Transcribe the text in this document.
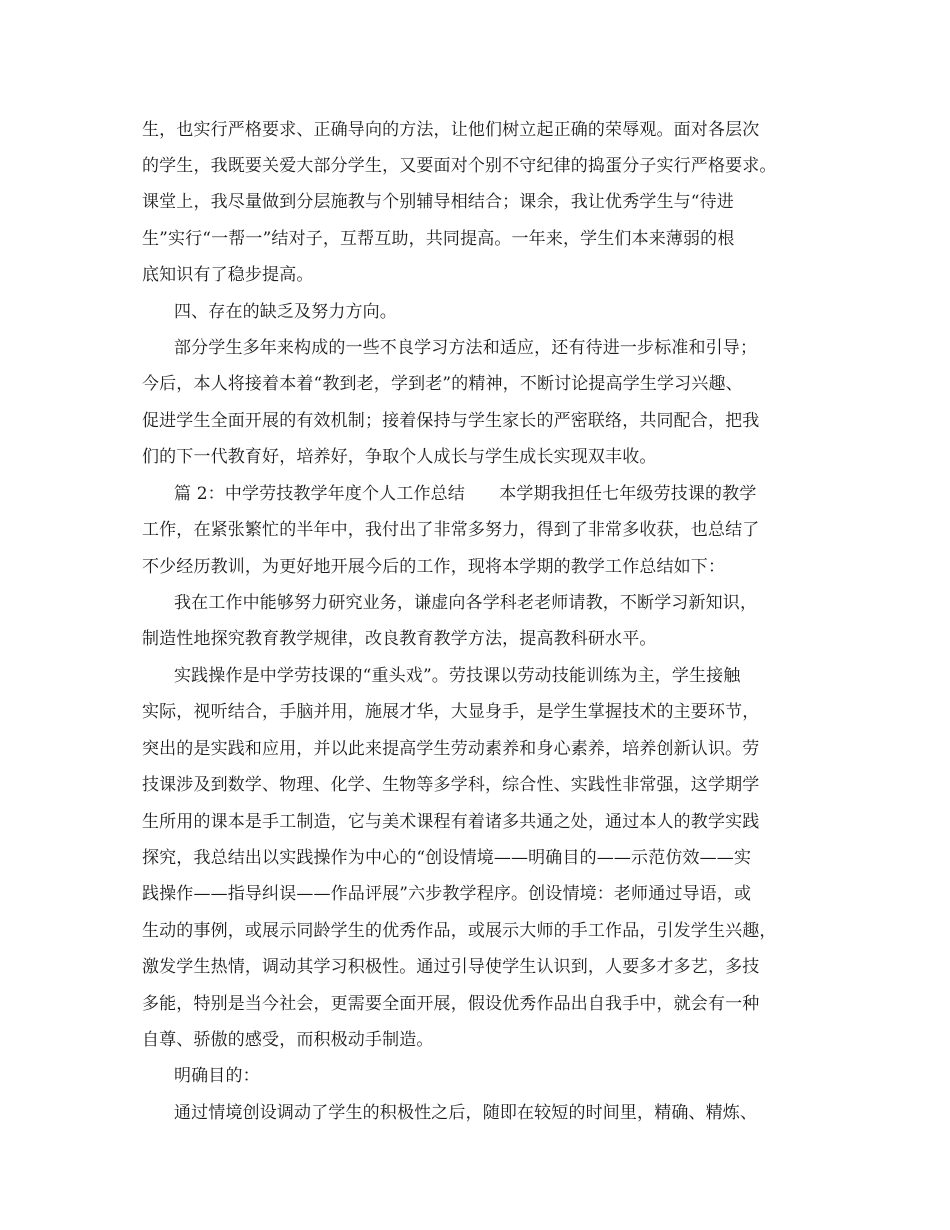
生，也实行严格要求、正确导向的方法，让他们树立起正确的荣辱观。面对各层次
的学生，我既要关爱大部分学生，又要面对个别不守纪律的捣蛋分子实行严格要求。
课堂上，我尽量做到分层施教与个别辅导相结合；课余，我让优秀学生与“待进
生”实行“一帮一”结对子，互帮互助，共同提高。一年来，学生们本来薄弱的根
底知识有了稳步提高。
四、存在的缺乏及努力方向。
部分学生多年来构成的一些不良学习方法和适应，还有待进一步标准和引导；
今后，本人将接着本着“教到老，学到老”的精神，不断讨论提高学生学习兴趣、
促进学生全面开展的有效机制；接着保持与学生家长的严密联络，共同配合，把我
们的下一代教育好，培养好，争取个人成长与学生成长实现双丰收。
篇 2：中学劳技教学年度个人工作总结　　本学期我担任七年级劳技课的教学
工作，在紧张繁忙的半年中，我付出了非常多努力，得到了非常多收获，也总结了
不少经历教训，为更好地开展今后的工作，现将本学期的教学工作总结如下：
我在工作中能够努力研究业务，谦虚向各学科老老师请教，不断学习新知识，
制造性地探究教育教学规律，改良教育教学方法，提高教科研水平。
实践操作是中学劳技课的“重头戏”。劳技课以劳动技能训练为主，学生接触
实际，视听结合，手脑并用，施展才华，大显身手，是学生掌握技术的主要环节，
突出的是实践和应用，并以此来提高学生劳动素养和身心素养，培养创新认识。劳
技课涉及到数学、物理、化学、生物等多学科，综合性、实践性非常强，这学期学
生所用的课本是手工制造，它与美术课程有着诸多共通之处，通过本人的教学实践
探究，我总结出以实践操作为中心的“创设情境——明确目的——示范仿效——实
践操作——指导纠误——作品评展”六步教学程序。创设情境：老师通过导语，或
生动的事例，或展示同龄学生的优秀作品，或展示大师的手工作品，引发学生兴趣，
激发学生热情，调动其学习积极性。通过引导使学生认识到，人要多才多艺，多技
多能，特别是当今社会，更需要全面开展，假设优秀作品出自我手中，就会有一种
自尊、骄傲的感受，而积极动手制造。
明确目的：
通过情境创设调动了学生的积极性之后，随即在较短的时间里，精确、精炼、
